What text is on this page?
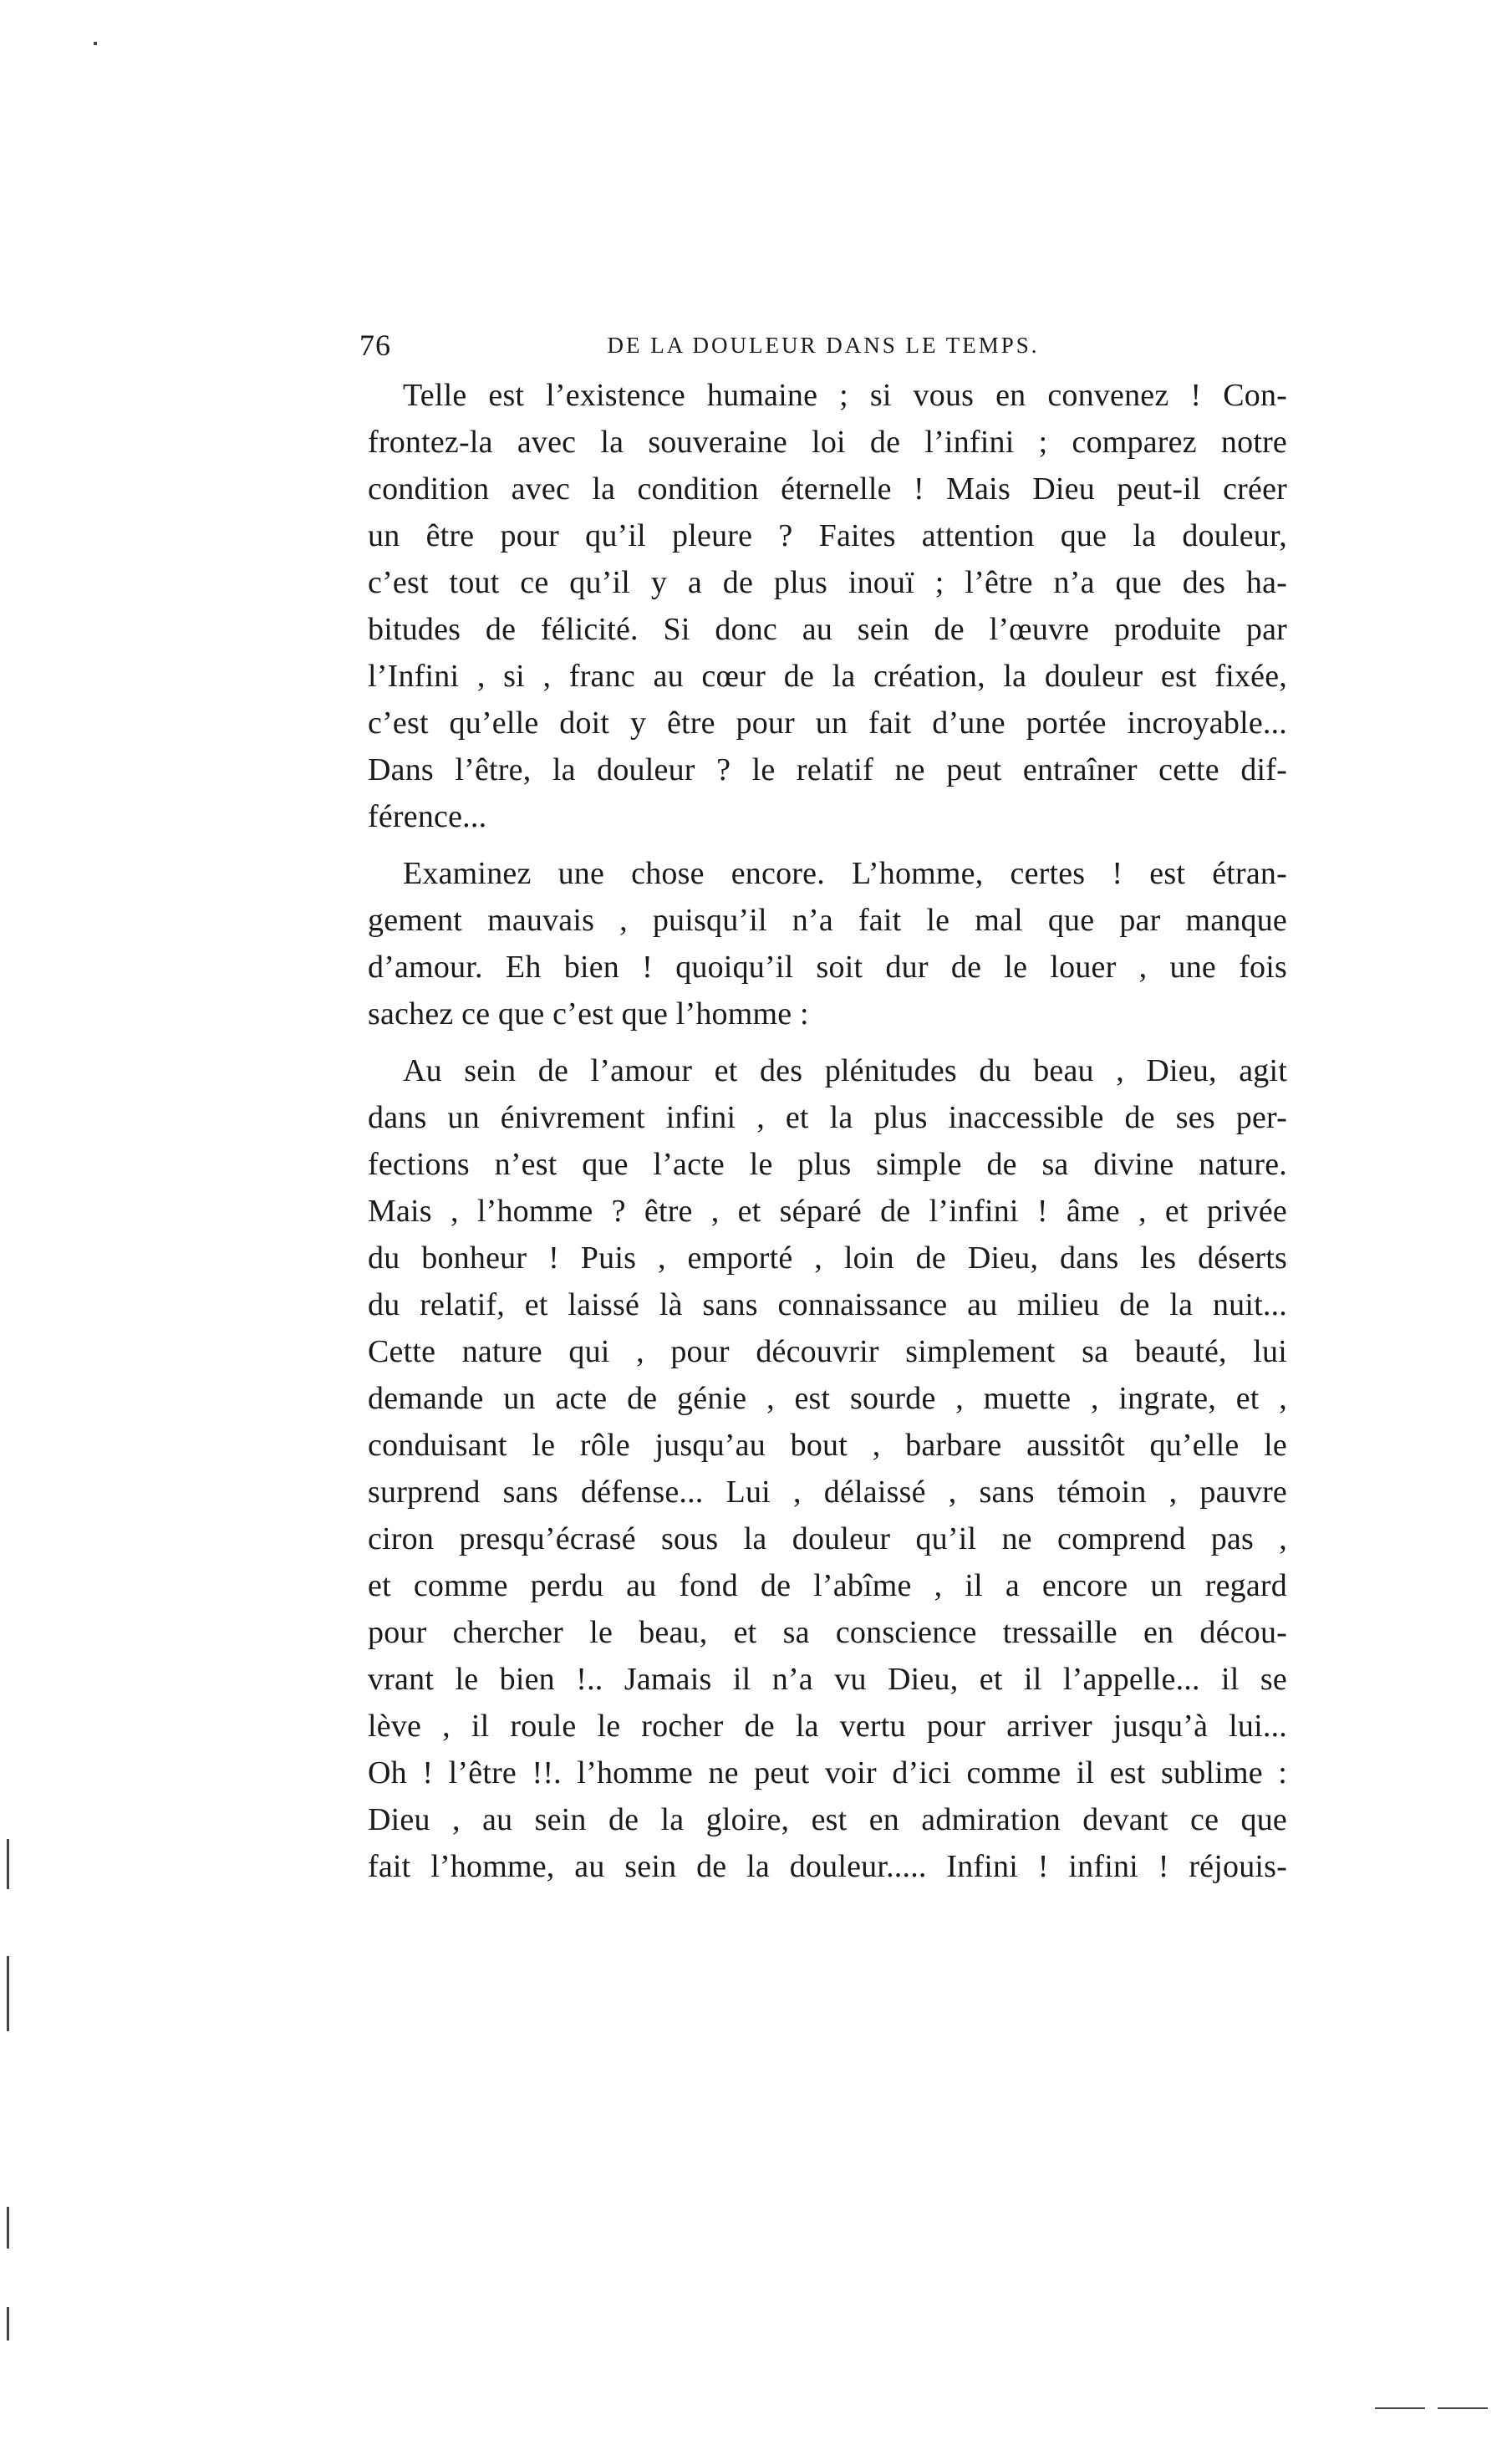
76	DE LA DOULEUR DANS LE TEMPS.
Telle est l’existence humaine ; si vous en convenez ! Con-
frontez-la avec la souveraine loi de l’infini ; comparez notre
condition avec la condition éternelle ! Mais Dieu peut-il créer
un être pour qu’il pleure ? Faites attention que la douleur,
c’est tout ce qu’il y a de plus inouï ; l’être n’a que des ha-
bitudes de félicité. Si donc au sein de l’œuvre produite par
l’Infini , si , franc au cœur de la création, la douleur est fixée,
c’est qu’elle doit y être pour un fait d’une portée incroyable...
Dans l’être, la douleur ? le relatif ne peut entraîner cette dif-
férence...
Examinez une chose encore. L’homme, certes ! est étran-
gement mauvais , puisqu’il n’a fait le mal que par manque
d’amour. Eh bien ! quoiqu’il soit dur de le louer , une fois
sachez ce que c’est que l’homme :
Au sein de l’amour et des plénitudes du beau , Dieu, agit
dans un énivrement infini , et la plus inaccessible de ses per-
fections n’est que l’acte le plus simple de sa divine nature.
Mais , l’homme ? être , et séparé de l’infini ! âme , et privée
du bonheur ! Puis , emporté , loin de Dieu, dans les déserts
du relatif, et laissé là sans connaissance au milieu de la nuit...
Cette nature qui , pour découvrir simplement sa beauté, lui
demande un acte de génie , est sourde , muette , ingrate, et ,
conduisant le rôle jusqu’au bout , barbare aussitôt qu’elle le
surprend sans défense... Lui , délaissé , sans témoin , pauvre
ciron presqu’écrasé sous la douleur qu’il ne comprend pas ,
et comme perdu au fond de l’abîme , il a encore un regard
pour chercher le beau, et sa conscience tressaille en décou-
vrant le bien !.. Jamais il n’a vu Dieu, et il l’appelle... il se
lève , il roule le rocher de la vertu pour arriver jusqu’à lui...
Oh ! l’être !!. l’homme ne peut voir d’ici comme il est sublime :
Dieu , au sein de la gloire, est en admiration devant ce que
fait l’homme, au sein de la douleur..... Infini ! infini ! réjouis-
